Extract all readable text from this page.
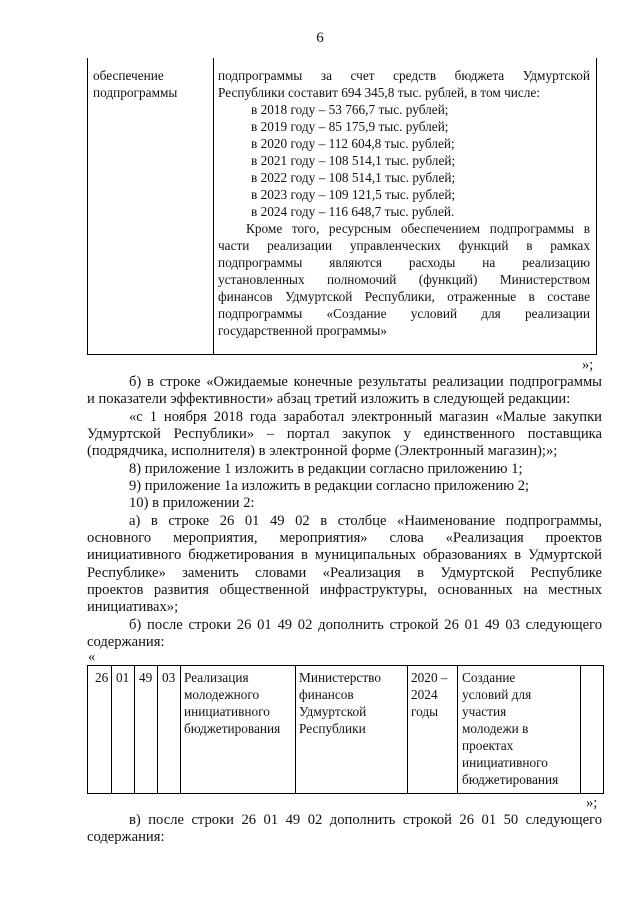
6
обеспечение
подпрограммы
подпрограммы за счет средств бюджета Удмуртской
Республики составит 694 345,8 тыс. рублей, в том числе:
в 2018 году – 53 766,7 тыс. рублей;
в 2019 году – 85 175,9 тыс. рублей;
в 2020 году – 112 604,8 тыс. рублей;
в 2021 году – 108 514,1 тыс. рублей;
в 2022 году – 108 514,1 тыс. рублей;
в 2023 году – 109 121,5 тыс. рублей;
в 2024 году – 116 648,7 тыс. рублей.
Кроме того, ресурсным обеспечением подпрограммы в
части реализации управленческих функций в рамках
подпрограммы являются расходы на реализацию
установленных полномочий (функций) Министерством
финансов Удмуртской Республики, отраженные в составе
подпрограммы «Создание условий для реализации
государственной программы»
»;
б) в строке «Ожидаемые конечные результаты реализации подпрограммы
и показатели эффективности» абзац третий изложить в следующей редакции:
«с 1 ноября 2018 года заработал электронный магазин «Малые закупки
Удмуртской Республики» – портал закупок у единственного поставщика
(подрядчика, исполнителя) в электронной форме (Электронный магазин);»;
8) приложение 1 изложить в редакции согласно приложению 1;
9) приложение 1а изложить в редакции согласно приложению 2;
10) в приложении 2:
а) в строке 26 01 49 02 в столбце «Наименование подпрограммы,
основного мероприятия, мероприятия» слова «Реализация проектов
инициативного бюджетирования в муниципальных образованиях в Удмуртской
Республике» заменить словами «Реализация в Удмуртской Республике
проектов развития общественной инфраструктуры, основанных на местных
инициативах»;
б) после строки 26 01 49 02 дополнить строкой 26 01 49 03 следующего
содержания:
«
26 01 49 03 Реализация
молодежного
инициативного
бюджетирования
Министерство
финансов
Удмуртской
Республики
2020 –
2024
годы
Создание
условий для
участия
молодежи в
проектах
инициативного
бюджетирования
»;
в) после строки 26 01 49 02 дополнить строкой 26 01 50 следующего
содержания:
